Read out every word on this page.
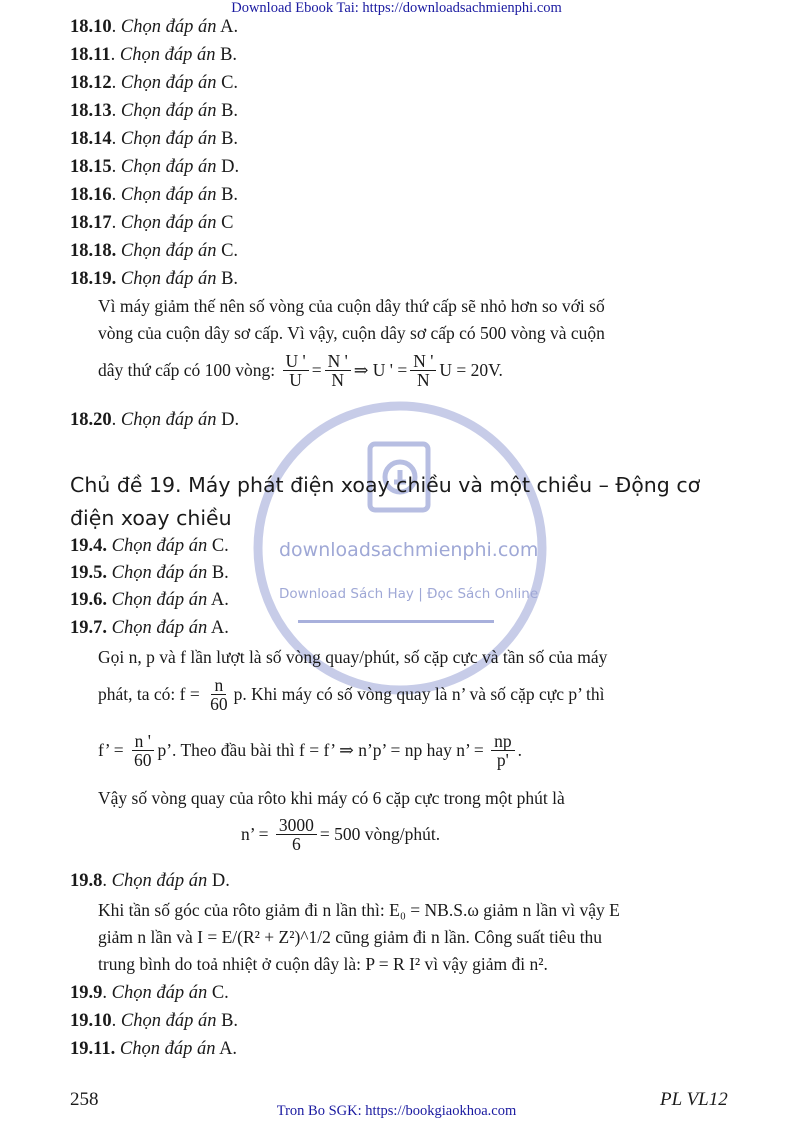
Download Ebook Tai: https://downloadsachmienphi.com
downloadsachmienphi.com
Download Sách Hay | Đọc Sách Online
18.10. Chọn đáp án A.
18.11. Chọn đáp án B.
18.12. Chọn đáp án C.
18.13. Chọn đáp án B.
18.14. Chọn đáp án B.
18.15. Chọn đáp án D.
18.16. Chọn đáp án B.
18.17. Chọn đáp án C
18.18. Chọn đáp án C.
18.19. Chọn đáp án B.
Vì máy giảm thế nên số vòng của cuộn dây thứ cấp sẽ nhỏ hơn so với số
vòng của cuộn dây sơ cấp. Vì vậy, cuộn dây sơ cấp có 500 vòng và cuộn
dây thứ cấp có 100 vòng:
$\frac{U '}{U} = \frac{N '}{N}$ ⇒ U ' = $\frac{N '}{N}$ U = 20V.
18.20. Chọn đáp án D.
Chủ đề 19. Máy phát điện xoay chiều và một chiều – Động cơ
điện xoay chiều
19.4. Chọn đáp án C.
19.5. Chọn đáp án B.
19.6. Chọn đáp án A.
19.7. Chọn đáp án A.
Gọi n, p và f lần lượt là số vòng quay/phút, số cặp cực và tần số của máy
phát, ta có: f =
$\frac{n}{60} p$. Khi máy có số vòng quay là n’ và số cặp cực p’ thì
f’ =
$\frac{n '}{60} p$’. Theo đầu bài thì f = f’ ⇒ n’p’ = np hay n’ =
$\frac{np}{p'}$ .
Vậy số vòng quay của rôto khi máy có 6 cặp cực trong một phút là
n’ =
$\frac{3000}{6} = 500$ vòng/phút.
19.8. Chọn đáp án D.
Khi tần số góc của rôto giảm đi n lần thì: E₀ = NB.S.ω giảm n lần vì vậy E
giảm n lần và I = E/(R² + Z²)^1/2 cũng giảm đi n lần. Công suất tiêu thu
trung bình do toả nhiệt ở cuộn dây là: P = R I² vì vậy giảm đi n².
19.9. Chọn đáp án C.
19.10. Chọn đáp án B.
19.11. Chọn đáp án A.
258	PL VL12
Tron Bo SGK: https://bookgiaokhoa.com
